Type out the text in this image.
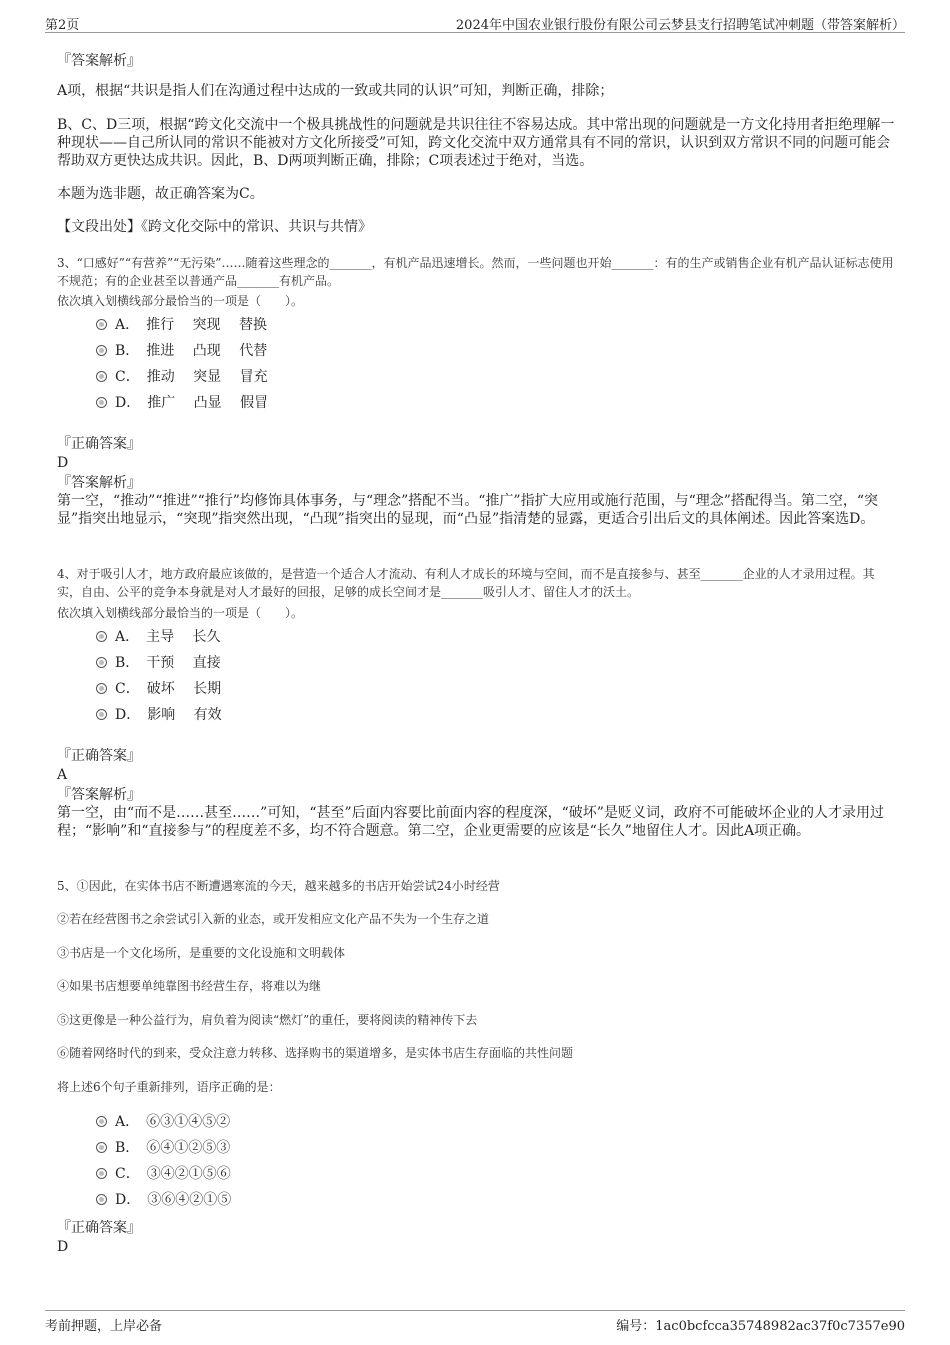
第2页	2024年中国农业银行股份有限公司云梦县支行招聘笔试冲刺题（带答案解析）
『答案解析』
A项，根据“共识是指人们在沟通过程中达成的一致或共同的认识”可知，判断正确，排除；
B、C、D三项，根据“跨文化交流中一个极具挑战性的问题就是共识往往不容易达成。其中常出现的问题就是一方文化持用者拒绝理解一种现状——自己所认同的常识不能被对方文化所接受”可知，跨文化交流中双方通常具有不同的常识，认识到双方常识不同的问题可能会帮助双方更快达成共识。因此，B、D两项判断正确，排除；C项表述过于绝对，当选。
本题为选非题，故正确答案为C。
【文段出处】《跨文化交际中的常识、共识与共情》
3、“口感好”“有营养”“无污染”……随着这些理念的_______，有机产品迅速增长。然而，一些问题也开始_______：有的生产或销售企业有机产品认证标志使用不规范；有的企业甚至以普通产品_______有机产品。
依次填入划横线部分最恰当的一项是（　　）。
A．　推行　 突现　 替换
B．　推进　 凸现　 代替
C．　推动　 突显　 冒充
D．　推广　 凸显　 假冒
『正确答案』
D
『答案解析』
第一空，“推动”“推进”“推行”均修饰具体事务，与“理念”搭配不当。“推广”指扩大应用或施行范围，与“理念”搭配得当。第二空，“突显”指突出地显示，“突现”指突然出现，“凸现”指突出的显现，而“凸显”指清楚的显露，更适合引出后文的具体阐述。因此答案选D。
4、对于吸引人才，地方政府最应该做的，是营造一个适合人才流动、有利人才成长的环境与空间，而不是直接参与、甚至_______企业的人才录用过程。其实，自由、公平的竞争本身就是对人才最好的回报，足够的成长空间才是_______吸引人才、留住人才的沃土。
依次填入划横线部分最恰当的一项是（　　）。
A．　主导　 长久
B．　干预　 直接
C．　破坏　 长期
D．　影响　 有效
『正确答案』
A
『答案解析』
第一空，由“而不是……甚至……”可知，“甚至”后面内容要比前面内容的程度深，“破坏”是贬义词，政府不可能破坏企业的人才录用过程；“影响”和“直接参与”的程度差不多，均不符合题意。第二空，企业更需要的应该是“长久”地留住人才。因此A项正确。
5、①因此，在实体书店不断遭遇寒流的今天，越来越多的书店开始尝试24小时经营
②若在经营图书之余尝试引入新的业态，或开发相应文化产品不失为一个生存之道
③书店是一个文化场所，是重要的文化设施和文明载体
④如果书店想要单纯靠图书经营生存，将难以为继
⑤这更像是一种公益行为，肩负着为阅读“燃灯”的重任，要将阅读的精神传下去
⑥随着网络时代的到来，受众注意力转移、选择购书的渠道增多，是实体书店生存面临的共性问题
将上述6个句子重新排列，语序正确的是：
A．　⑥③①④⑤②
B．　⑥④①②⑤③
C．　③④②①⑤⑥
D．　③⑥④②①⑤
『正确答案』
D
考前押题，上岸必备	编号：1ac0bcfcca35748982ac37f0c7357e90
